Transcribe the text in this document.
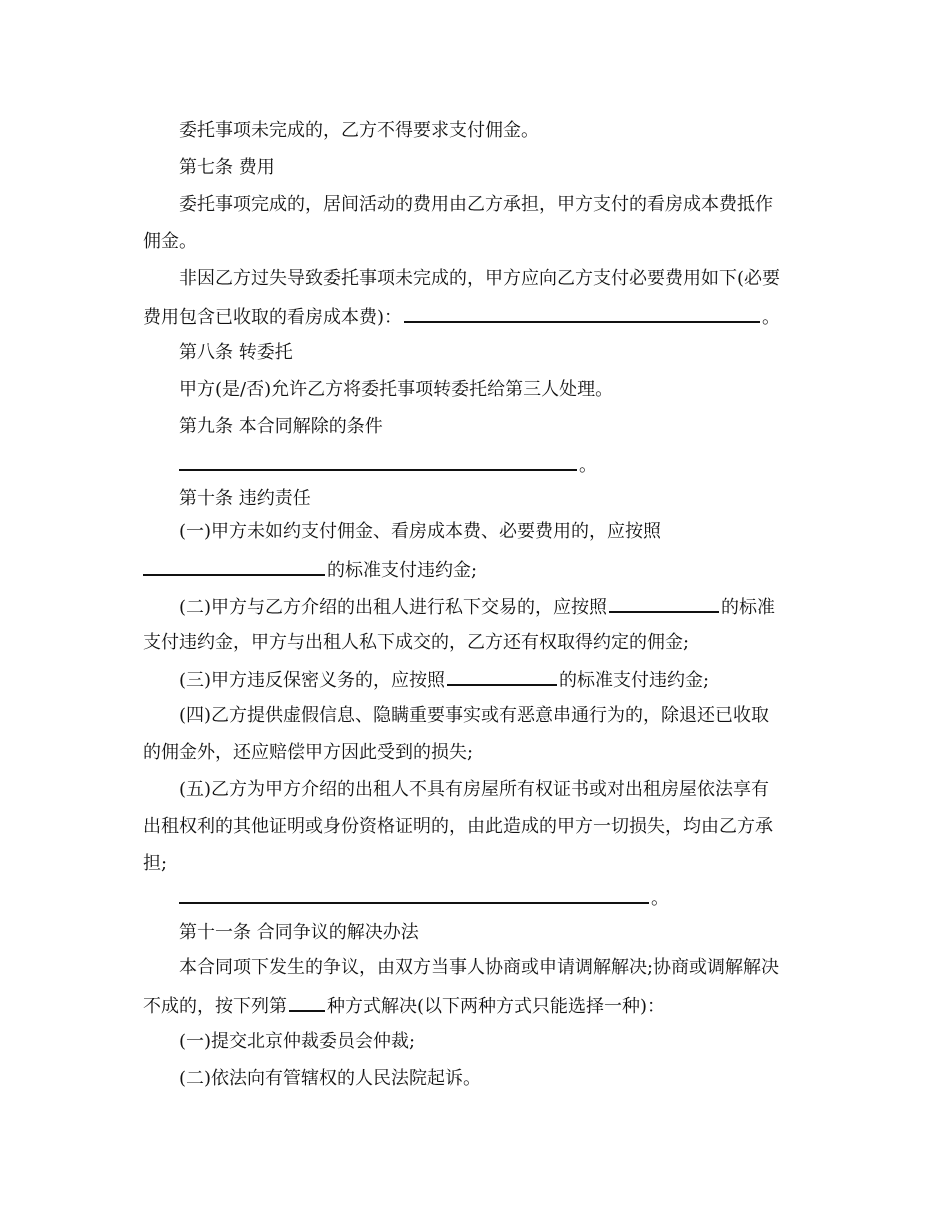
委托事项未完成的，乙方不得要求支付佣金。
第七条 费用
委托事项完成的，居间活动的费用由乙方承担，甲方支付的看房成本费抵作
佣金。
非因乙方过失导致委托事项未完成的，甲方应向乙方支付必要费用如下(必要
费用包含已收取的看房成本费)：	。
第八条 转委托
甲方(是/否)允许乙方将委托事项转委托给第三人处理。
第九条 本合同解除的条件
。
第十条 违约责任
(一)甲方未如约支付佣金、看房成本费、必要费用的，应按照
的标准支付违约金;
(二)甲方与乙方介绍的出租人进行私下交易的，应按照	的标准
支付违约金，甲方与出租人私下成交的，乙方还有权取得约定的佣金;
(三)甲方违反保密义务的，应按照	的标准支付违约金;
(四)乙方提供虚假信息、隐瞒重要事实或有恶意串通行为的，除退还已收取
的佣金外，还应赔偿甲方因此受到的损失;
(五)乙方为甲方介绍的出租人不具有房屋所有权证书或对出租房屋依法享有
出租权利的其他证明或身份资格证明的，由此造成的甲方一切损失，均由乙方承
担;
。
第十一条 合同争议的解决办法
本合同项下发生的争议，由双方当事人协商或申请调解解决;协商或调解解决
不成的，按下列第 种方式解决(以下两种方式只能选择一种)：
(一)提交北京仲裁委员会仲裁;
(二)依法向有管辖权的人民法院起诉。
